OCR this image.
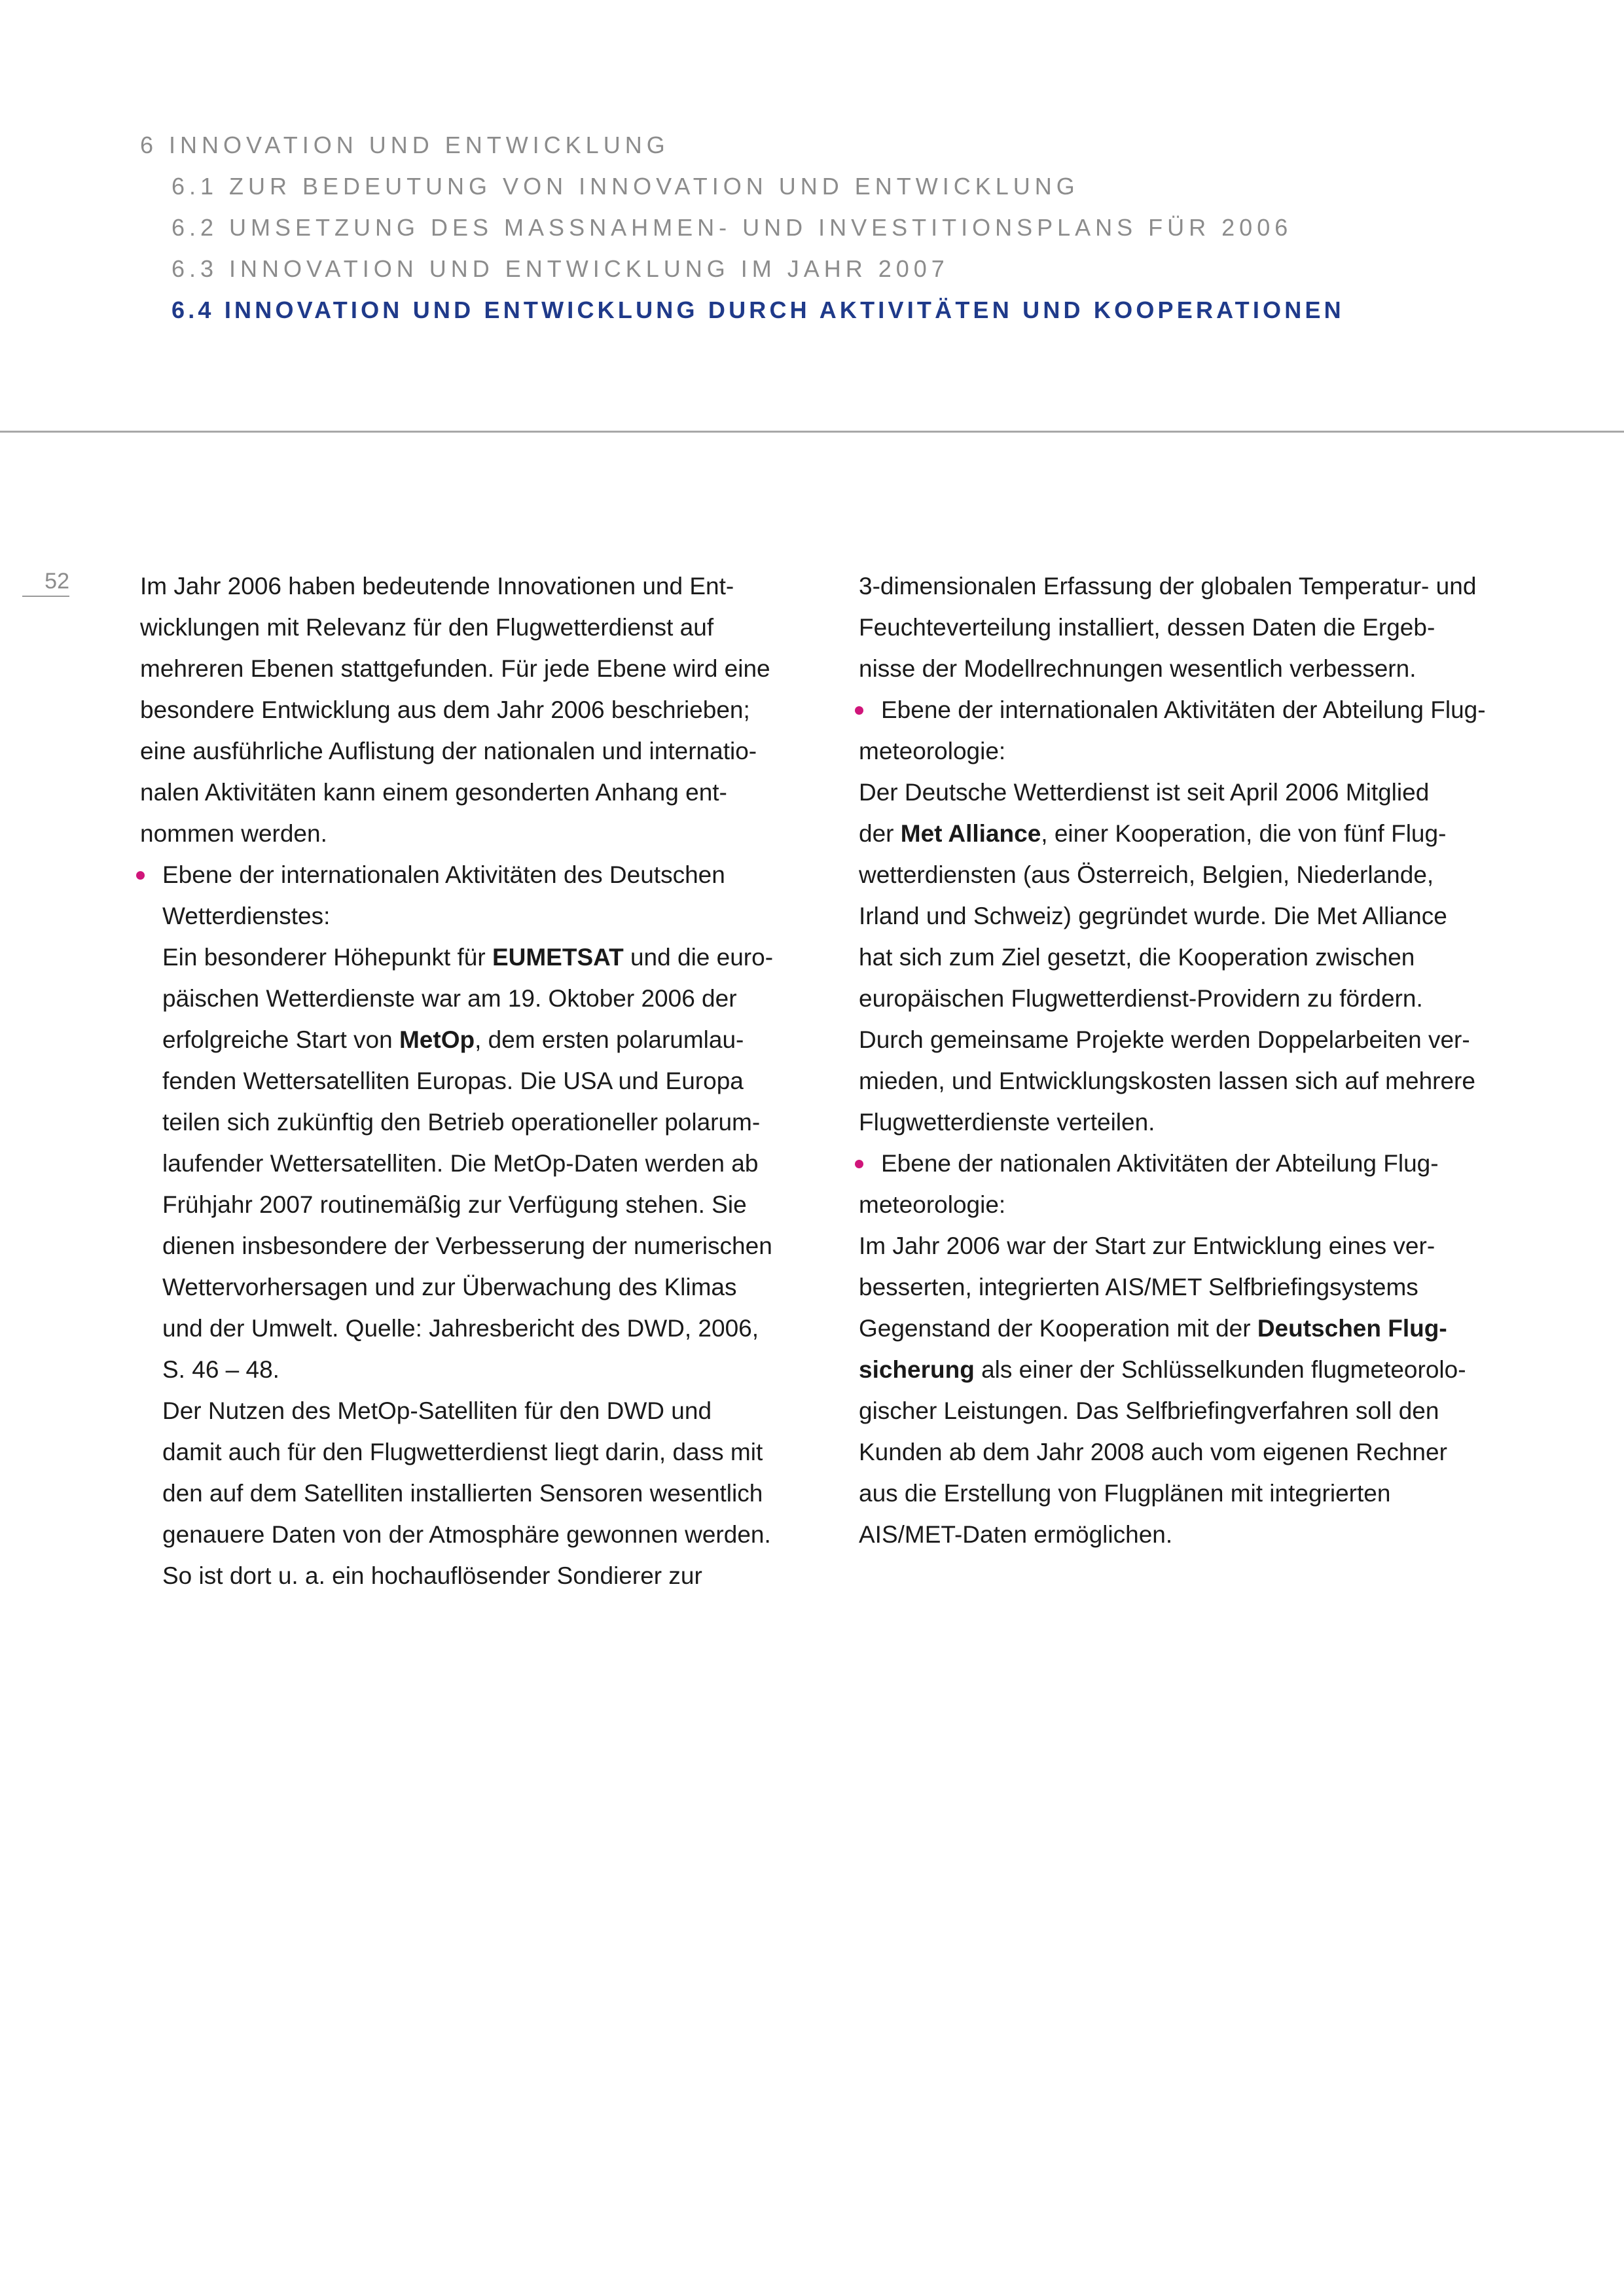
6 INNOVATION UND ENTWICKLUNG
6.1 ZUR BEDEUTUNG VON INNOVATION UND ENTWICKLUNG
6.2 UMSETZUNG DES MASSNAHMEN- UND INVESTITIONSPLANS FÜR 2006
6.3 INNOVATION UND ENTWICKLUNG IM JAHR 2007
6.4 INNOVATION UND ENTWICKLUNG DURCH AKTIVITÄTEN UND KOOPERATIONEN
52	Im Jahr 2006 haben bedeutende Innovationen und Ent-
wicklungen mit Relevanz für den Flugwetterdienst auf
mehreren Ebenen stattgefunden. Für jede Ebene wird eine
besondere Entwicklung aus dem Jahr 2006 beschrieben;
eine ausführliche Auflistung der nationalen und internatio-
nalen Aktivitäten kann einem gesonderten Anhang ent-
nommen werden.
Ebene der internationalen Aktivitäten des Deutschen
Wetterdienstes:
Ein besonderer Höhepunkt für EUMETSAT und die euro-
päischen Wetterdienste war am 19. Oktober 2006 der
erfolgreiche Start von MetOp, dem ersten polarumlau-
fenden Wettersatelliten Europas. Die USA und Europa
teilen sich zukünftig den Betrieb operationeller polarum-
laufender Wettersatelliten. Die MetOp-Daten werden ab
Frühjahr 2007 routinemäßig zur Verfügung stehen. Sie
dienen insbesondere der Verbesserung der numerischen
Wettervorhersagen und zur Überwachung des Klimas
und der Umwelt. Quelle: Jahresbericht des DWD, 2006,
S. 46 – 48.
Der Nutzen des MetOp-Satelliten für den DWD und
damit auch für den Flugwetterdienst liegt darin, dass mit
den auf dem Satelliten installierten Sensoren wesentlich
genauere Daten von der Atmosphäre gewonnen werden.
So ist dort u. a. ein hochauflösender Sondierer zur
3-dimensionalen Erfassung der globalen Temperatur- und
Feuchteverteilung installiert, dessen Daten die Ergeb-
nisse der Modellrechnungen wesentlich verbessern.
Ebene der internationalen Aktivitäten der Abteilung Flug-
meteorologie:
Der Deutsche Wetterdienst ist seit April 2006 Mitglied
der Met Alliance, einer Kooperation, die von fünf Flug-
wetterdiensten (aus Österreich, Belgien, Niederlande,
Irland und Schweiz) gegründet wurde. Die Met Alliance
hat sich zum Ziel gesetzt, die Kooperation zwischen
europäischen Flugwetterdienst-Providern zu fördern.
Durch gemeinsame Projekte werden Doppelarbeiten ver-
mieden, und Entwicklungskosten lassen sich auf mehrere
Flugwetterdienste verteilen.
Ebene der nationalen Aktivitäten der Abteilung Flug-
meteorologie:
Im Jahr 2006 war der Start zur Entwicklung eines ver-
besserten, integrierten AIS/MET Selfbriefingsystems
Gegenstand der Kooperation mit der Deutschen Flug-
sicherung als einer der Schlüsselkunden flugmeteorolo-
gischer Leistungen. Das Selfbriefingverfahren soll den
Kunden ab dem Jahr 2008 auch vom eigenen Rechner
aus die Erstellung von Flugplänen mit integrierten
AIS/MET-Daten ermöglichen.
